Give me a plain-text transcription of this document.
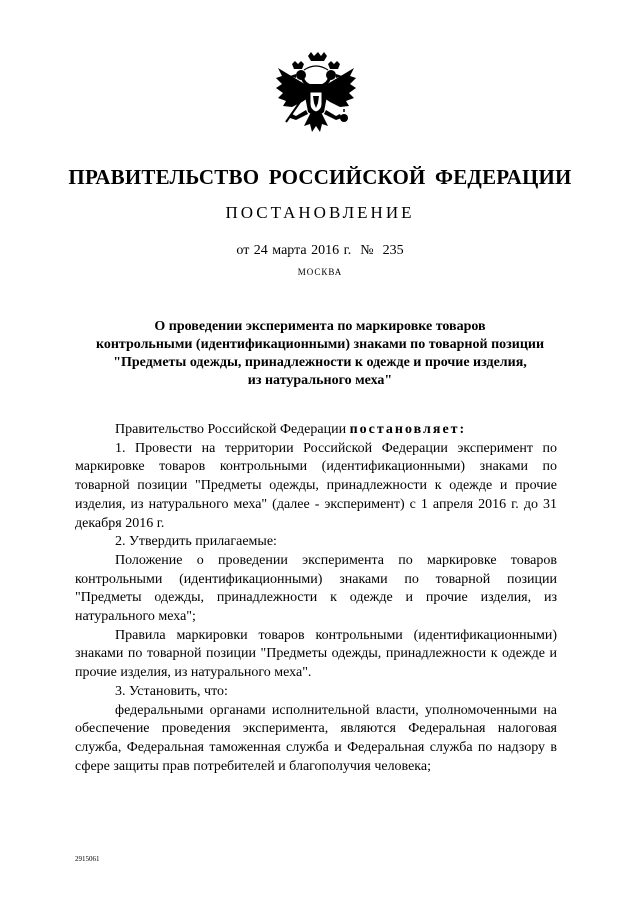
ПРАВИТЕЛЬСТВО РОССИЙСКОЙ ФЕДЕРАЦИИ
ПОСТАНОВЛЕНИЕ
от 24 марта 2016 г.  №  235
МОСКВА
О проведении эксперимента по маркировке товаров
контрольными (идентификационными) знаками по товарной позиции
"Предметы одежды, принадлежности к одежде и прочие изделия,
из натурального меха"

Правительство Российской Федерации постановляет:

1. Провести на территории Российской Федерации эксперимент по маркировке товаров контрольными (идентификационными) знаками по товарной позиции "Предметы одежды, принадлежности к одежде и прочие изделия, из натурального меха" (далее - эксперимент) с 1 апреля 2016 г. до 31 декабря 2016 г.

2. Утвердить прилагаемые:

Положение о проведении эксперимента по маркировке товаров контрольными (идентификационными) знаками по товарной позиции "Предметы одежды, принадлежности к одежде и прочие изделия, из натурального меха";

Правила маркировки товаров контрольными (идентификационными) знаками по товарной позиции "Предметы одежды, принадлежности к одежде и прочие изделия, из натурального меха".

3. Установить, что:

федеральными органами исполнительной власти, уполномоченными на обеспечение проведения эксперимента, являются Федеральная налоговая служба, Федеральная таможенная служба и Федеральная служба по надзору в сфере защиты прав потребителей и благополучия человека;

2915061
